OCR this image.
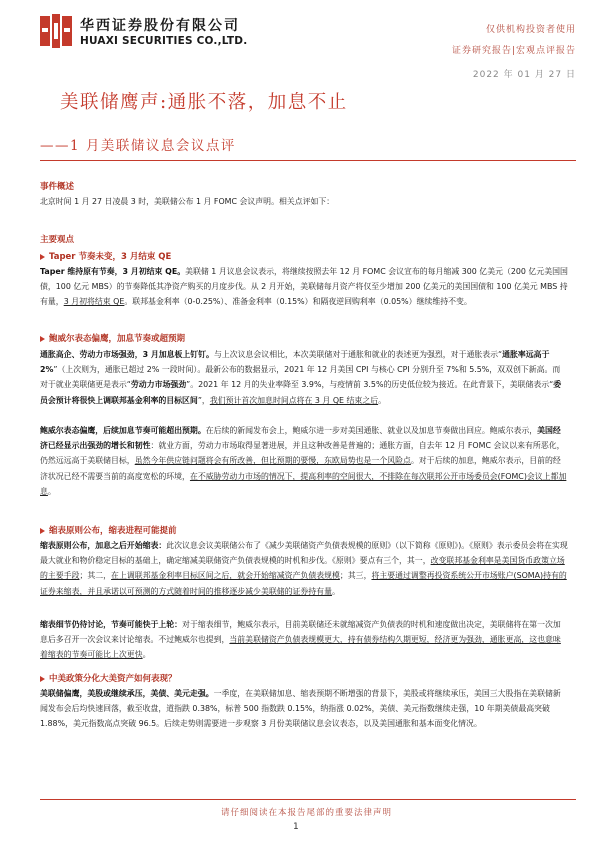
华西证券股份有限公司
HUAXI SECURITIES CO.,LTD.
仅供机构投资者使用
证券研究报告|宏观点评报告
2022 年 01 月 27 日
美联储鹰声:通胀不落，加息不止
——1 月美联储议息会议点评
事件概述
北京时间 1 月 27 日凌晨 3 时，美联储公布 1 月 FOMC 会议声明。相关点评如下：
主要观点
Taper 节奏未变，3 月结束 QE
Taper 维持原有节奏，3 月初结束 QE。美联储 1 月议息会议表示，将继续按照去年 12 月 FOMC 会议宣布的每月缩减 300 亿美元（200 亿元美国国债，100 亿元 MBS）的节奏降低其净资产购买的月度步伐。从 2 月开始，美联储每月资产将仅至少增加 200 亿美元的美国国债和 100 亿美元 MBS 持有量，3 月初将结束 QE。联邦基金利率（0-0.25%）、准备金利率（0.15%）和隔夜逆回购利率（0.05%）继续维持不变。
鲍威尔表态偏鹰，加息节奏或超预期
通胀高企、劳动力市场强劲，3 月加息板上钉钉。与上次议息会议相比，本次美联储对于通胀和就业的表述更为强烈，对于通胀表示“通胀率远高于 2%”（上次则为，通胀已超过 2% 一段时间）。最新公布的数据显示，2021 年 12 月美国 CPI 与核心 CPI 分别升至 7%和 5.5%，双双创下新高。而对于就业美联储更是表示“劳动力市场强劲”。2021 年 12 月的失业率降至 3.9%，与疫情前 3.5%的历史低位较为接近。在此背景下，美联储表示“委员会预计将很快上调联邦基金利率的目标区间”，我们预计首次加息时间点将在 3 月 QE 结束之后。
鲍威尔表态偏鹰，后续加息节奏可能超出预期。在后续的新闻发布会上，鲍威尔进一步对美国通胀、就业以及加息节奏做出回应。鲍威尔表示，美国经济已经显示出强劲的增长和韧性：就业方面，劳动力市场取得显著进展，并且这种改善是普遍的；通胀方面，自去年 12 月 FOMC 会议以来有所恶化，仍然远远高于美联储目标，虽然今年供应链问题将会有所改善，但比预期的要慢，东欧局势也是一个风险点。对于后续的加息，鲍威尔表示，目前的经济状况已经不需要当前的高度宽松的环境，在不威胁劳动力市场的情况下，提高利率的空间很大，不排除在每次联邦公开市场委员会(FOMC)会议上都加息。
缩表原则公布，缩表进程可能提前
缩表原则公布，加息之后开始缩表：此次议息会议美联储公布了《减少美联储资产负债表规模的原则》（以下简称《原则》)。《原则》表示委员会将在实现最大就业和物价稳定目标的基础上，确定缩减美联储资产负债表规模的时机和步伐。《原则》要点有三个，其一，改变联邦基金利率是美国货币政策立场的主要手段；其二，在上调联邦基金利率目标区间之后，就会开始缩减资产负债表规模；其三，将主要通过调整再投资系统公开市场账户(SOMA)持有的证券来缩表，并且承诺以可预测的方式随着时间的推移逐步减少美联储的证券持有量。
缩表细节仍待讨论，节奏可能快于上轮：对于缩表细节，鲍威尔表示，目前美联储还未就缩减资产负债表的时机和速度做出决定，美联储将在第一次加息后多召开一次会议来讨论缩表。不过鲍威尔也提到，当前美联储资产负债表规模更大，持有债券结构久期更短，经济更为强劲，通胀更高，这也意味着缩表的节奏可能比上次更快。
中美政策分化大美资产如何表现？
美联储偏鹰，美股或继续承压，美债、美元走强。一季度，在美联储加息、缩表预期不断增强的背景下，美股或将继续承压，美国三大股指在美联储新闻发布会后均快速回落，截至收盘，道指跌 0.38%，标普 500 指数跌 0.15%，纳指涨 0.02%，美债、美元指数继续走强，10 年期美债最高突破 1.88%，美元指数高点突破 96.5。后续走势则需要进一步观察 3 月份美联储议息会议表态，以及美国通胀和基本面变化情况。
请仔细阅读在本报告尾部的重要法律声明
1
